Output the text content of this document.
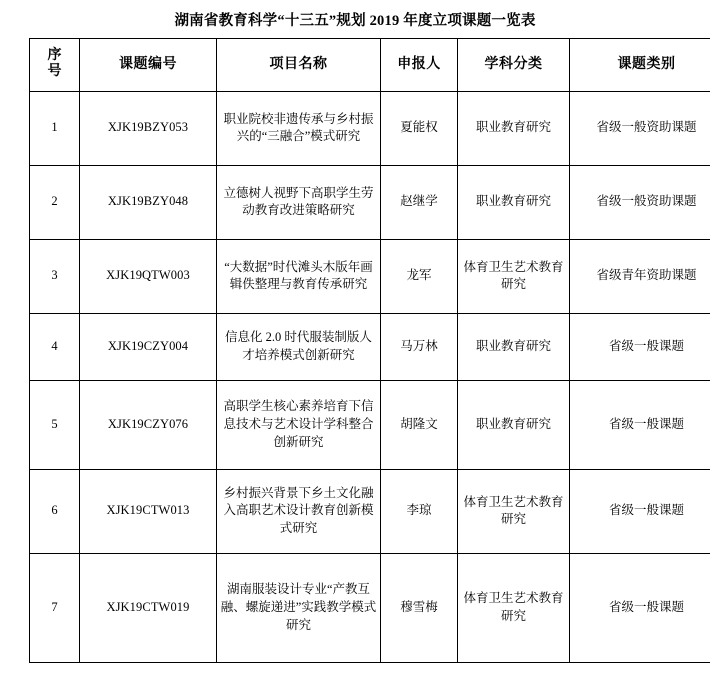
湖南省教育科学“十三五”规划 2019 年度立项课题一览表
序号	课题编号	项目名称	申报人	学科分类	课题类别
1	XJK19BZY053	职业院校非遗传承与乡村振兴的“三融合”模式研究	夏能权	职业教育研究	省级一般资助课题
2	XJK19BZY048	立德树人视野下高职学生劳动教育改进策略研究	赵继学	职业教育研究	省级一般资助课题
3	XJK19QTW003	“大数据”时代滩头木版年画辑佚整理与教育传承研究	龙军	体育卫生艺术教育研究	省级青年资助课题
4	XJK19CZY004	信息化 2.0 时代服装制版人才培养模式创新研究	马万林	职业教育研究	省级一般课题
5	XJK19CZY076	高职学生核心素养培育下信息技术与艺术设计学科整合创新研究	胡隆文	职业教育研究	省级一般课题
6	XJK19CTW013	乡村振兴背景下乡土文化融入高职艺术设计教育创新模式研究	李琼	体育卫生艺术教育研究	省级一般课题
7	XJK19CTW019	湖南服装设计专业“产教互融、螺旋递进”实践教学模式研究	穆雪梅	体育卫生艺术教育研究	省级一般课题
